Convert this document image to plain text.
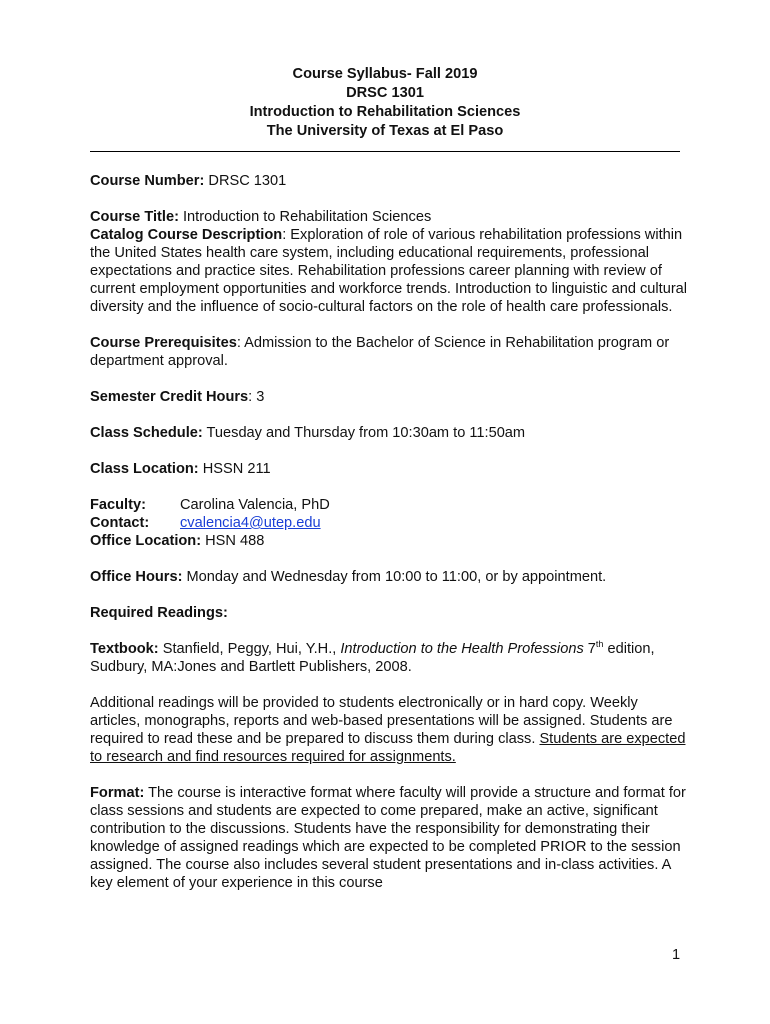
Course Syllabus- Fall 2019
DRSC 1301
Introduction to Rehabilitation Sciences
The University of Texas at El Paso

Course Number: DRSC 1301

Course Title: Introduction to Rehabilitation Sciences

Catalog Course Description: Exploration of role of various rehabilitation professions within the United States health care system, including educational requirements, professional expectations and practice sites. Rehabilitation professions career planning with review of current employment opportunities and workforce trends. Introduction to linguistic and cultural diversity and the influence of socio-cultural factors on the role of health care professionals.

Course Prerequisites: Admission to the Bachelor of Science in Rehabilitation program or department approval.

Semester Credit Hours: 3

Class Schedule: Tuesday and Thursday from 10:30am to 11:50am

Class Location: HSSN 211

Faculty: Carolina Valencia, PhD

Contact: cvalencia4@utep.edu

Office Location: HSN 488

Office Hours: Monday and Wednesday from 10:00 to 11:00, or by appointment.

Required Readings:

Textbook: Stanfield, Peggy, Hui, Y.H., Introduction to the Health Professions 7th edition, Sudbury, MA:Jones and Bartlett Publishers, 2008.

Additional readings will be provided to students electronically or in hard copy. Weekly articles, monographs, reports and web-based presentations will be assigned. Students are required to read these and be prepared to discuss them during class. Students are expected to research and find resources required for assignments.

Format: The course is interactive format where faculty will provide a structure and format for class sessions and students are expected to come prepared, make an active, significant contribution to the discussions. Students have the responsibility for demonstrating their knowledge of assigned readings which are expected to be completed PRIOR to the session assigned. The course also includes several student presentations and in-class activities. A key element of your experience in this course

1
